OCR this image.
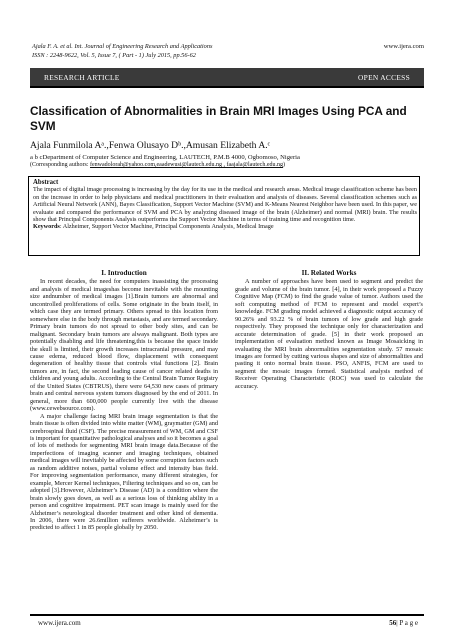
Ajala F. A. et al. Int. Journal of Engineering Research and Applications	www.ijera.com
ISSN : 2248-9622, Vol. 5, Issue 7, ( Part - 1) July 2015, pp.56-62
RESEARCH ARTICLE	OPEN ACCESS
Classification of Abnormalities in Brain MRI Images Using PCA and SVM
Ajala Funmilola Aᵃ.,Fenwa Olusayo Dᵇ.,Amusan Elizabeth A.ᶜ
a b cDepartment of Computer Science and Engineering, LAUTECH, P.M.B 4000, Ogbomoso, Nigeria
(Corresponding authors: fenwadolorah@yahoo.com,eaadewusi@lautech.edu.ng , faajala@lautech.edu.ng)
Abstract
The impact of digital image processing is increasing by the day for its use in the medical and research areas. Medical image classification scheme has been on the increase in order to help physicians and medical practitioners in their evaluation and analysis of diseases. Several classification schemes such as Artificial Neural Network (ANN), Bayes Classification, Support Vector Machine (SVM) and K-Means Nearest Neighbor have been used. In this paper, we evaluate and compared the performance of SVM and PCA by analyzing diseased image of the brain (Alzheimer) and normal (MRI) brain. The results show that Principal Components Analysis outperforms the Support Vector Machine in terms of training time and recognition time.
Keywords: Alzheimer, Support Vector Machine, Principal Components Analysis, Medical Image
I. Introduction

In recent decades, the need for computers inassisting the processing and analysis of medical imageshas become inevitable with the mounting size andnumber of medical images [1].Brain tumors are abnormal and uncontrolled proliferations of cells. Some originate in the brain itself, in which case they are termed primary. Others spread to this location from somewhere else in the body through metastasis, and are termed secondary. Primary brain tumors do not spread to other body sites, and can be malignant. Secondary brain tumors are always malignant. Both types are potentially disabling and life threatening,this is because the space inside the skull is limited, their growth increases intracranial pressure, and may cause edema, reduced blood flow, displacement with consequent degeneration of healthy tissue that controls vital functions [2]. Brain tumors are, in fact, the second leading cause of cancer related deaths in children and young adults. According to the Central Brain Tumor Registry of the United States (CBTRUS), there were 64,530 new cases of primary brain and central nervous system tumors diagnosed by the end of 2011. In general, more than 600,000 people currently live with the disease (www.cewebsource.com).

A major challenge facing MRI brain image segmentation is that the brain tissue is often divided into white matter (WM), graymatter (GM) and cerebrospinal fluid (CSF). The precise measurement of WM, GM and CSF is important for quantitative pathological analyses and so it becomes a goal of lots of methods for segmenting MRI brain image data.Because of the imperfections of imaging scanner and imaging techniques, obtained medical images will inevitably be affected by some corruption factors such as random additive noises, partial volume effect and intensity bias field. For improving segmentation performance, many different strategies, for example, Mercer Kernel techniques, Filtering techniques and so on, can be adopted [3].However, Alzheimer’s Disease (AD) is a condition where the brain slowly goes down, as well as a serious loss of thinking ability in a person and cognitive impairment. PET scan image is mainly used for the Alzheimer’s neurological disorder treatment and other kind of dementia. In 2006, there were 26.6million sufferers worldwide. Alzheimer’s is predicted to affect 1 in 85 people globally by 2050.

II. Related Works

A number of approaches have been used to segment and predict the grade and volume of the brain tumor. [4], in their work proposed a Fuzzy Cognitive Map (FCM) to find the grade value of tumor. Authors used the soft computing method of FCM to represent and model expert’s knowledge. FCM grading model achieved a diagnostic output accuracy of 90.26% and 93.22 % of brain tumors of low grade and high grade respectively. They proposed the technique only for characterization and accurate determination of grade. [5] in their work proposed an implementation of evaluation method known as Image Mosaicking in evaluating the MRI brain abnormalities segmentation study. 57 mosaic images are formed by cutting various shapes and size of abnormalities and pasting it onto normal brain tissue. PSO, ANFIS, FCM are used to segment the mosaic images formed. Statistical analysis method of Receiver Operating Characteristic (ROC) was used to calculate the accuracy.

www.ijera.com	56| P a g e
